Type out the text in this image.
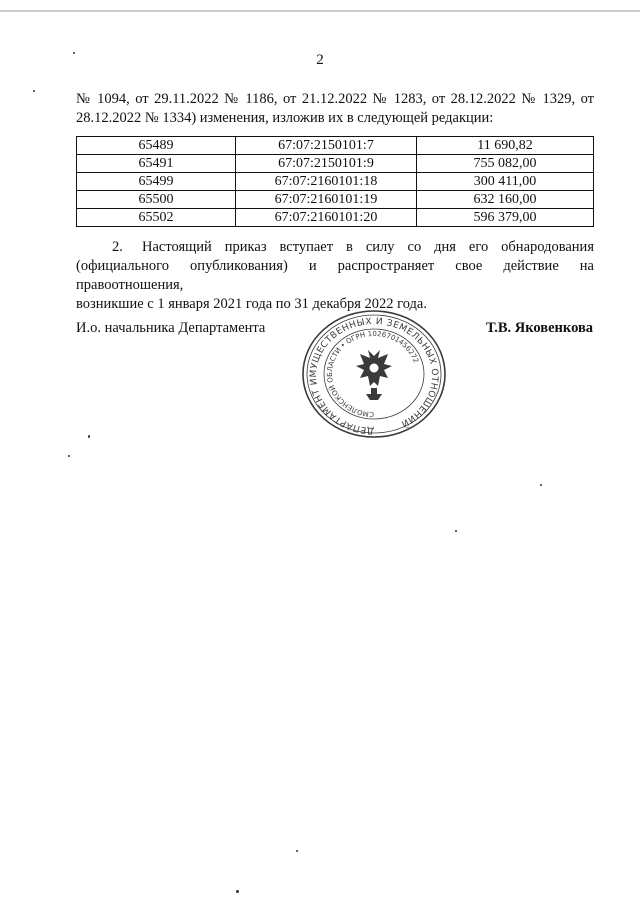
2
№ 1094, от 29.11.2022 № 1186, от 21.12.2022 № 1283, от 28.12.2022 № 1329, от
28.12.2022 № 1334) изменения, изложив их в следующей редакции:
65489	67:07:2150101:7	11 690,82
65491	67:07:2150101:9	755 082,00
65499	67:07:2160101:18	300 411,00
65500	67:07:2160101:19	632 160,00
65502	67:07:2160101:20	596 379,00
2. Настоящий приказ вступает в силу со дня его обнародования
(официального опубликования) и распространяет свое действие на правоотношения,
возникшие с 1 января 2021 года по 31 декабря 2022 года.
И.о. начальника Департамента	Т.В. Яковенкова
ДЕПАРТАМЕНТ ИМУЩЕСТВЕННЫХ И ЗЕМЕЛЬНЫХ ОТНОШЕНИЙ
СМОЛЕНСКОЙ ОБЛАСТИ • ОГРН 1026701456272
